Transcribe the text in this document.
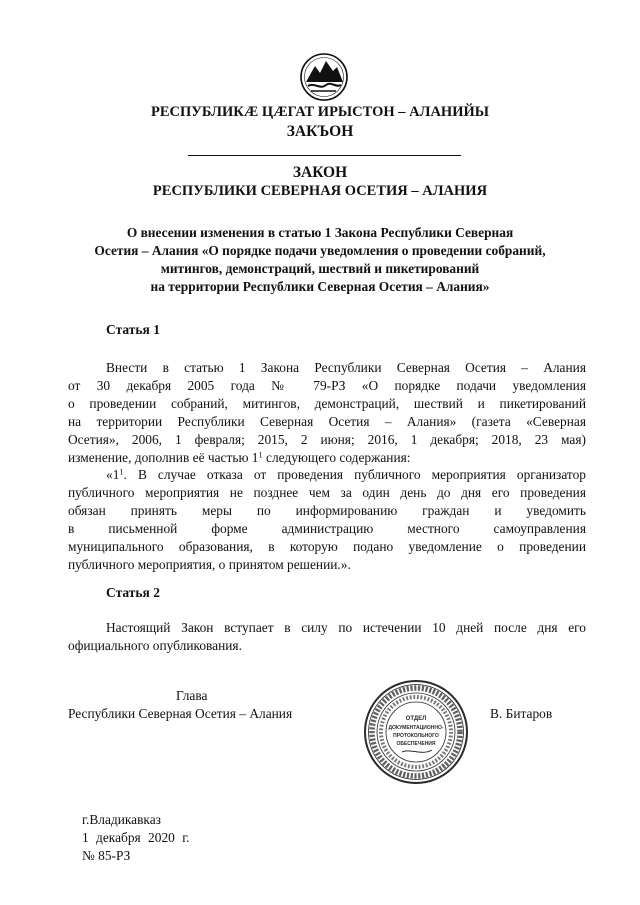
РЕСПУБЛИКÆ ЦÆГАТ ИРЫСТОН – АЛАНИЙЫ
ЗАКЪОН
ЗАКОН
РЕСПУБЛИКИ СЕВЕРНАЯ ОСЕТИЯ – АЛАНИЯ
О внесении изменения в статью 1 Закона Республики Северная
Осетия – Алания «О порядке подачи уведомления о проведении собраний,
митингов, демонстраций, шествий и пикетирований
на территории Республики Северная Осетия – Алания»
Статья 1
Внести в статью 1 Закона Республики Северная Осетия – Алания
от 30 декабря 2005 года № 79-РЗ «О порядке подачи уведомления
о проведении собраний, митингов, демонстраций, шествий и пикетирований
на территории Республики Северная Осетия – Алания» (газета «Северная
Осетия», 2006, 1 февраля; 2015, 2 июня; 2016, 1 декабря; 2018, 23 мая)
изменение, дополнив её частью $1^1$ следующего содержания:
«$1^1$. В случае отказа от проведения публичного мероприятия организатор
публичного мероприятия не позднее чем за один день до дня его проведения
обязан принять меры по информированию граждан и уведомить
в письменной форме администрацию местного самоуправления
муниципального образования, в которую подано уведомление о проведении
публичного мероприятия, о принятом решении.».
Статья 2
Настоящий Закон вступает в силу по истечении 10 дней после дня его
официального опубликования.
Глава
Республики Северная Осетия – Алания	В. Битаров
ОТДЕЛ
ДОКУМЕНТАЦИОННО-
ПРОТОКОЛЬНОГО
ОБЕСПЕЧЕНИЯ
г.Владикавказ
1 декабря 2020 г.
№ 85-РЗ
